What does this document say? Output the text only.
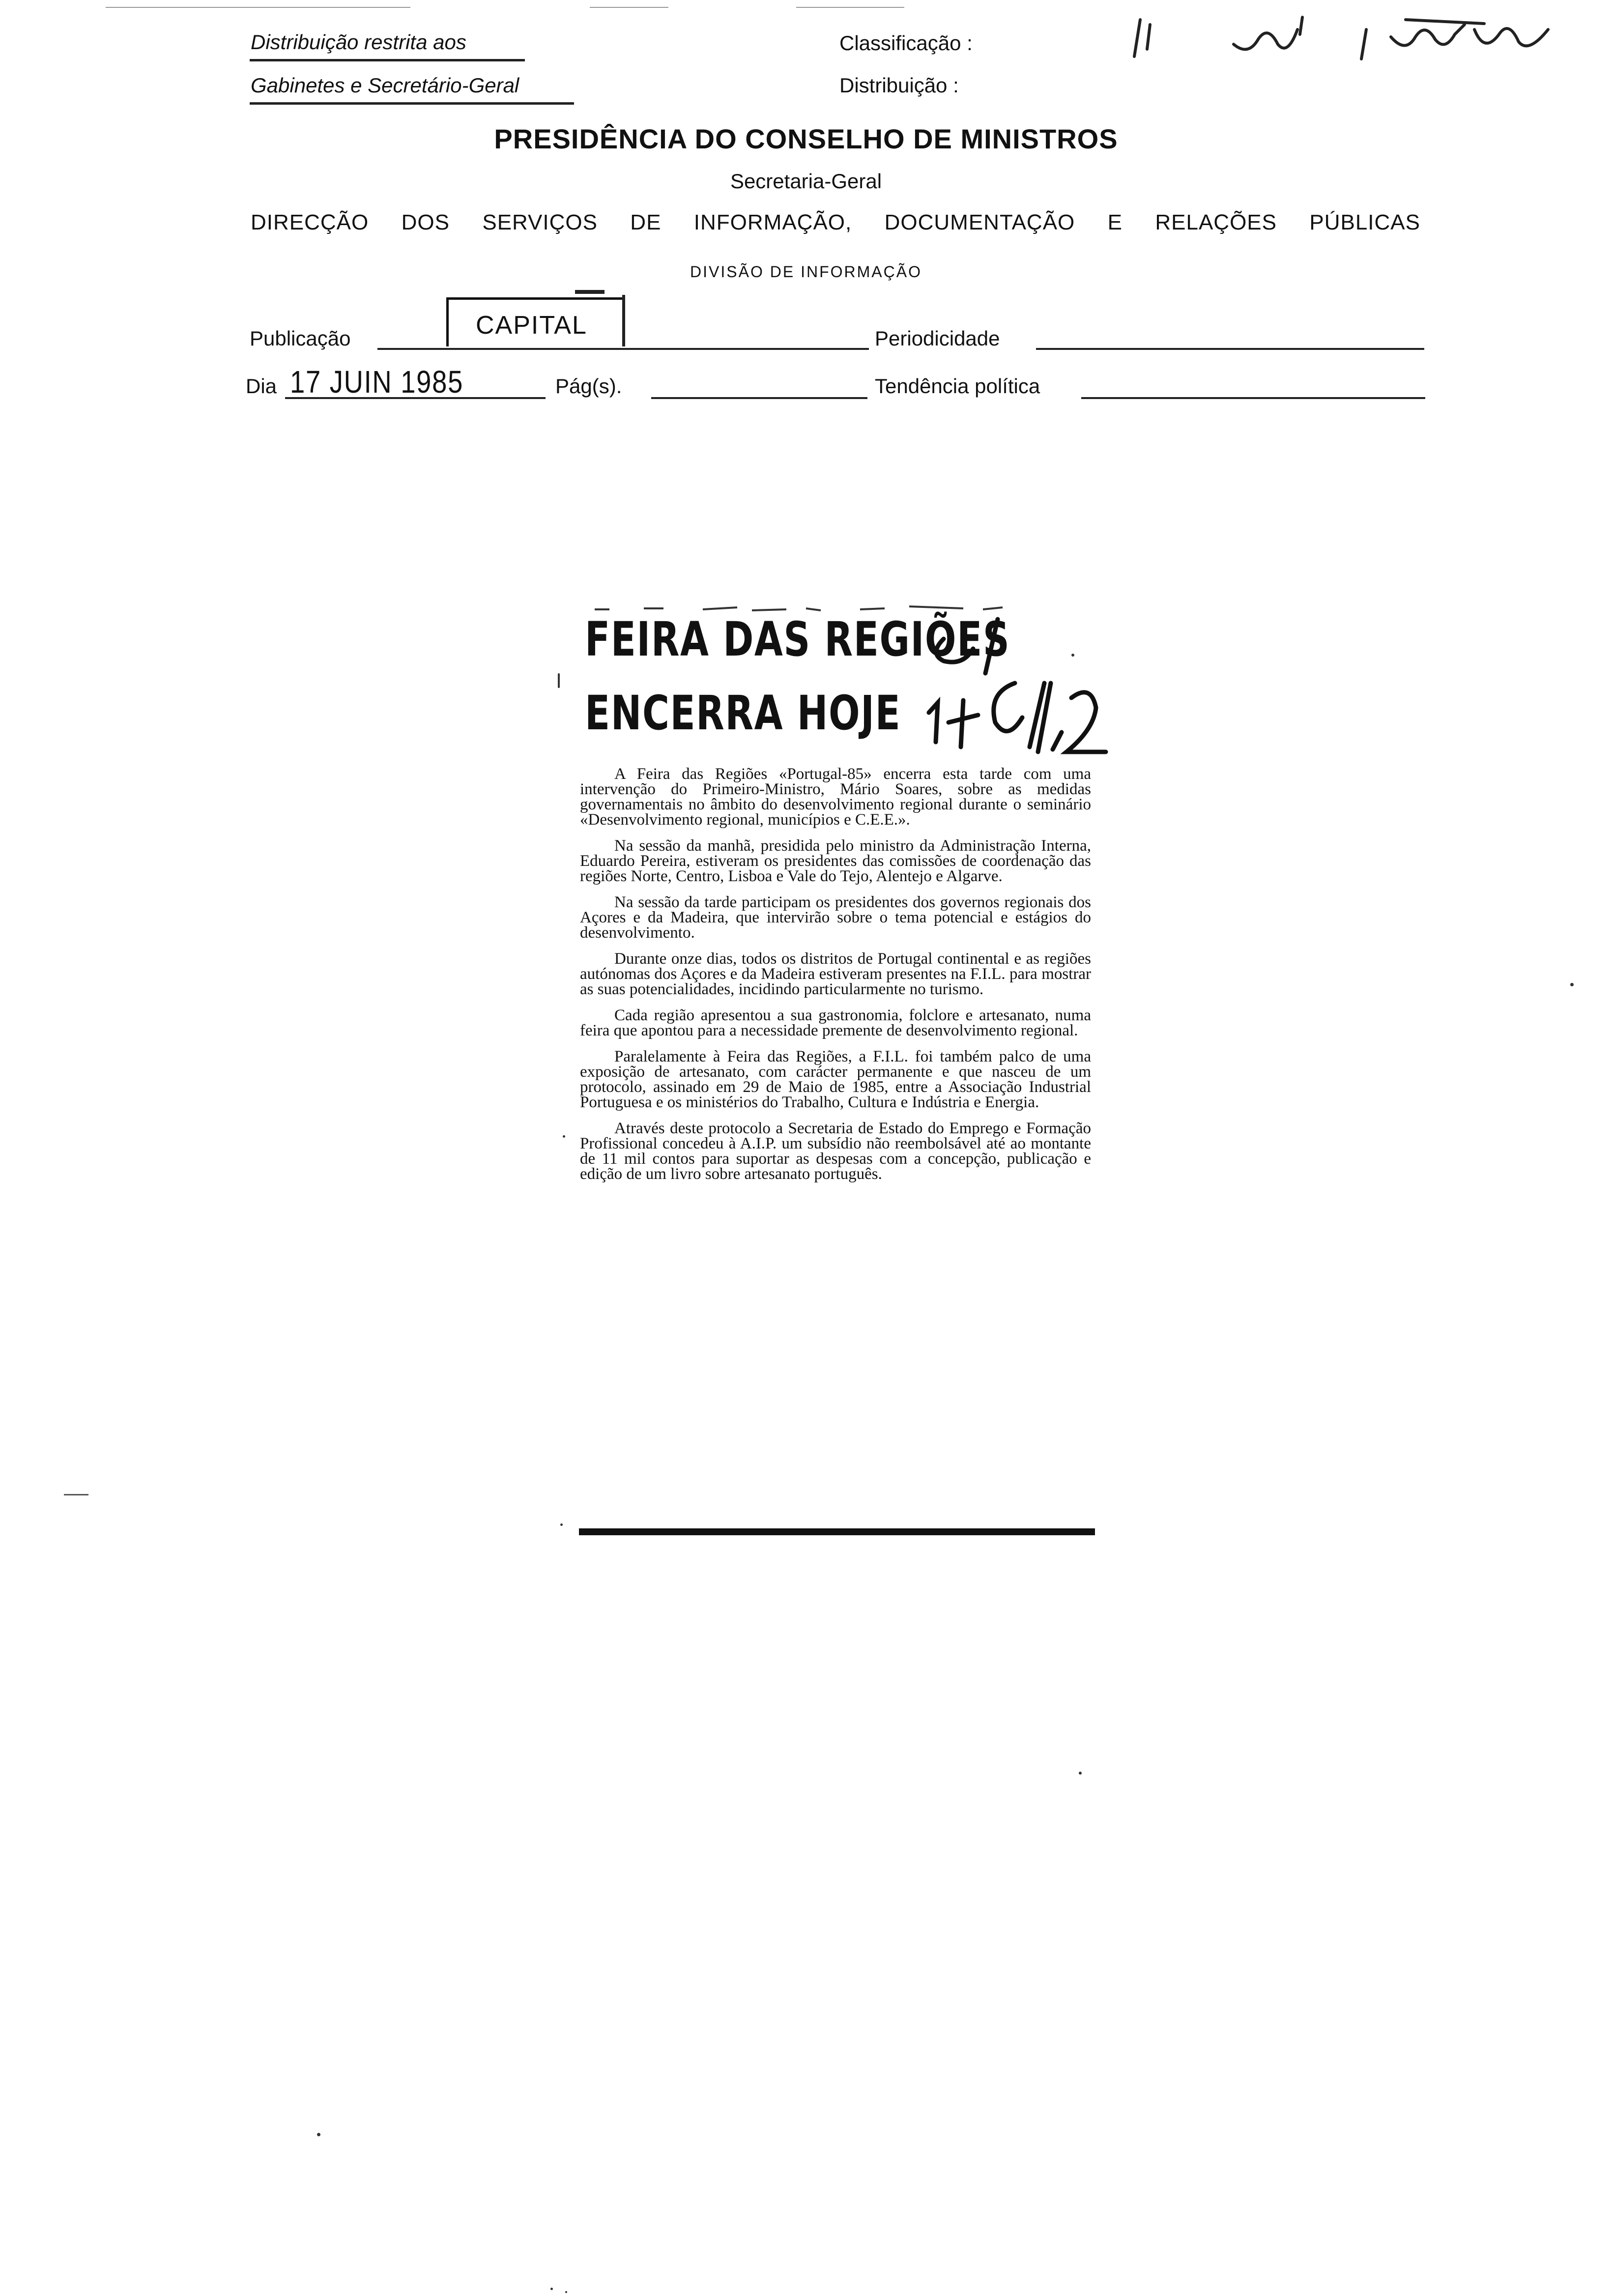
Distribuição restrita aos
Gabinetes e Secretário-Geral
Classificação :
Distribuição :
1. 1/5 / 1/1 1/1
PRESIDÊNCIA DO CONSELHO DE MINISTROS
Secretaria-Geral
DIRECÇÃO DOS SERVIÇOS DE INFORMAÇÃO, DOCUMENTAÇÃO E RELAÇÕES PÚBLICAS
DIVISÃO DE INFORMAÇÃO
Publicação	CAPITAL	Periodicidade
Dia 17 JUIN 1985	Pág(s).	Tendência política
FEIRA DAS REGIÕES
ENCERRA HOJE
17-6/12

A Feira das Regiões «Portugal-85» encerra esta tarde com uma intervenção do Primeiro-Ministro, Mário Soares, sobre as medidas governamentais no âmbito do desenvolvimento regional durante o seminário «Desenvolvimento regional, municípios e C.E.E.».

Na sessão da manhã, presidida pelo ministro da Administração Interna, Eduardo Pereira, estiveram os presidentes das comissões de coordenação das regiões Norte, Centro, Lisboa e Vale do Tejo, Alentejo e Algarve.

Na sessão da tarde participam os presidentes dos governos regionais dos Açores e da Madeira, que intervirão sobre o tema potencial e estágios do desenvolvimento.

Durante onze dias, todos os distritos de Portugal continental e as regiões autónomas dos Açores e da Madeira estiveram presentes na F.I.L. para mostrar as suas potencialidades, incidindo particularmente no turismo.

Cada região apresentou a sua gastronomia, folclore e artesanato, numa feira que apontou para a necessidade premente de desenvolvimento regional.

Paralelamente à Feira das Regiões, a F.I.L. foi também palco de uma exposição de artesanato, com carácter permanente e que nasceu de um protocolo, assinado em 29 de Maio de 1985, entre a Associação Industrial Portuguesa e os ministérios do Trabalho, Cultura e Indústria e Energia.

Através deste protocolo a Secretaria de Estado do Emprego e Formação Profissional concedeu à A.I.P. um subsídio não reembolsável até ao montante de 11 mil contos para suportar as despesas com a concepção, publicação e edição de um livro sobre artesanato português.
